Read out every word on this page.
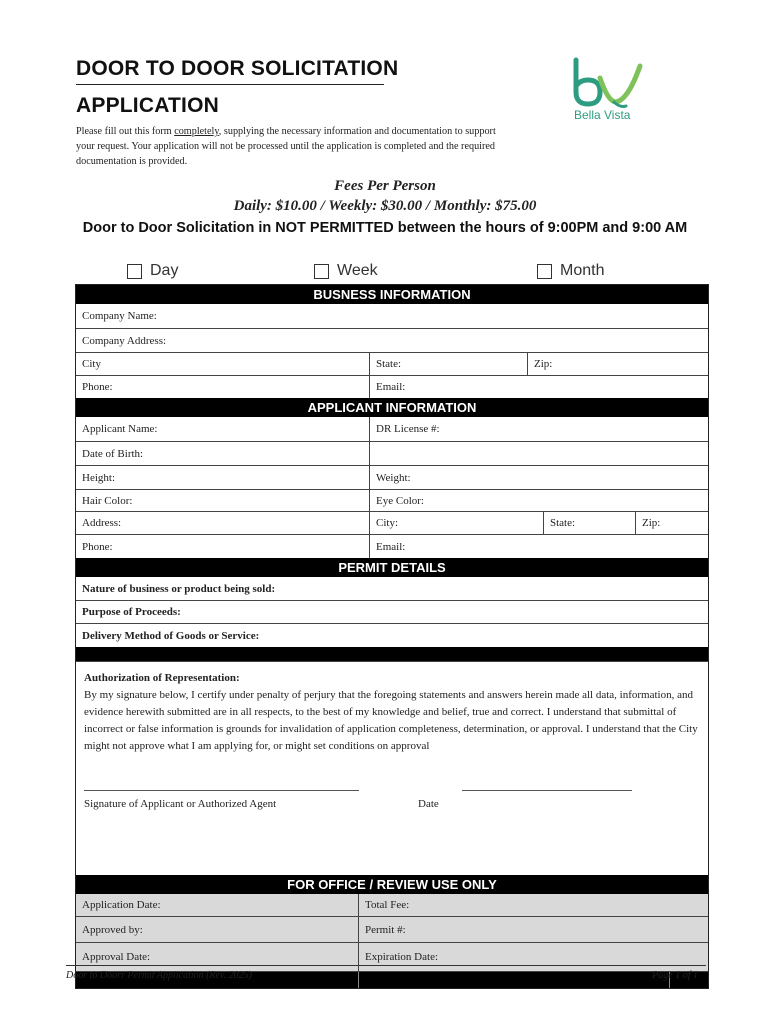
DOOR TO DOOR SOLICITATION
APPLICATION
Please fill out this form completely, supplying the necessary information and documentation to support your request. Your application will not be processed until the application is completed and the required documentation is provided.
Bella Vista
Fees Per Person
Daily: $10.00 / Weekly: $30.00 / Monthly: $75.00
Door to Door Solicitation in NOT PERMITTED between the hours of 9:00PM and 9:00 AM
Day	Week	Month
BUSNESS INFORMATION
Company Name:
Company Address:
City	State:	Zip:
Phone:	Email:
APPLICANT INFORMATION
Applicant Name:	DR License #:
Date of Birth:
Height:	Weight:
Hair Color:	Eye Color:
Address:	City:	State:	Zip:
Phone:	Email:
PERMIT DETAILS
Nature of business or product being sold:
Purpose of Proceeds:
Delivery Method of Goods or Service:
Authorization of Representation:
By my signature below, I certify under penalty of perjury that the foregoing statements and answers herein made all data, information, and evidence herewith submitted are in all respects, to the best of my knowledge and belief, true and correct. I understand that submittal of incorrect or false information is grounds for invalidation of application completeness, determination, or approval. I understand that the City might not approve what I am applying for, or might set conditions on approval
Signature of Applicant or Authorized Agent	Date
FOR OFFICE / REVIEW USE ONLY
Application Date:	Total Fee:
Approved by:	Permit #:
Approval Date:	Expiration Date:
Door to Doorr Permit Application (Rev. 2025)	Page 1 of 1
